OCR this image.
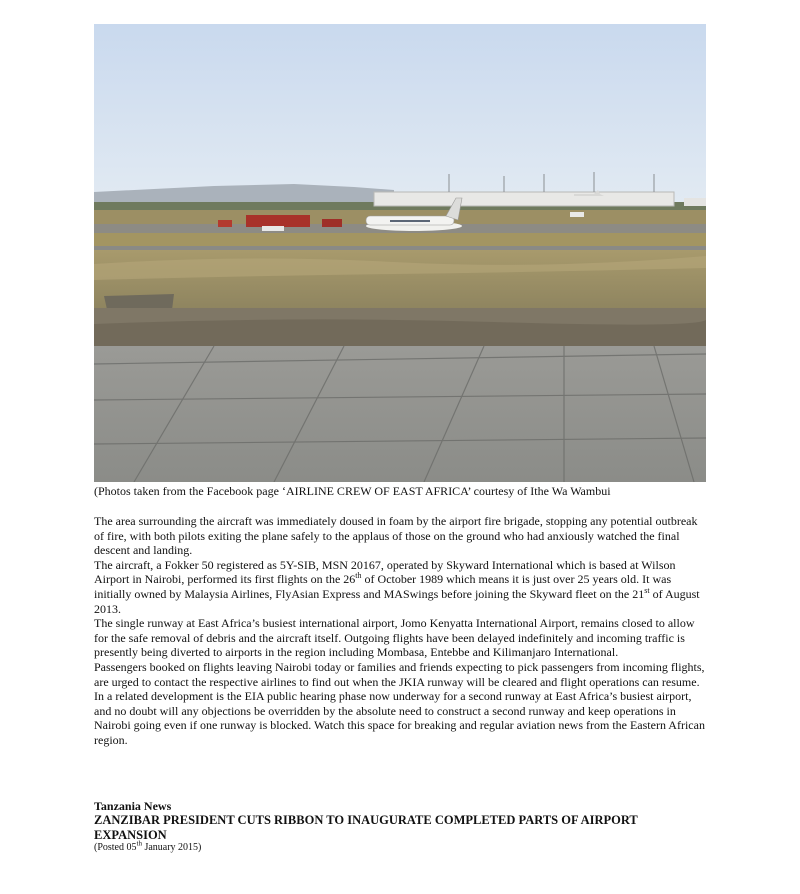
(Photos taken from the Facebook page ‘AIRLINE CREW OF EAST AFRICA’ courtesy of Ithe Wa Wambui

The area surrounding the aircraft was immediately doused in foam by the airport fire brigade, stopping any potential outbreak of fire, with both pilots exiting the plane safely to the applaus of those on the ground who had anxiously watched the final descent and landing.

The aircraft, a Fokker 50 registered as 5Y-SIB, MSN 20167, operated by Skyward International which is based at Wilson Airport in Nairobi, performed its first flights on the 26th of October 1989 which means it is just over 25 years old. It was initially owned by Malaysia Airlines, FlyAsian Express and MASwings before joining the Skyward fleet on the 21st of August 2013.

The single runway at East Africa’s busiest international airport, Jomo Kenyatta International Airport, remains closed to allow for the safe removal of debris and the aircraft itself. Outgoing flights have been delayed indefinitely and incoming traffic is presently being diverted to airports in the region including Mombasa, Entebbe and Kilimanjaro International.

Passengers booked on flights leaving Nairobi today or families and friends expecting to pick passengers from incoming flights, are urged to contact the respective airlines to find out when the JKIA runway will be cleared and flight operations can resume.

In a related development is the EIA public hearing phase now underway for a second runway at East Africa’s busiest airport, and no doubt will any objections be overridden by the absolute need to construct a second runway and keep operations in Nairobi going even if one runway is blocked. Watch this space for breaking and regular aviation news from the Eastern African region.

Tanzania News
ZANZIBAR PRESIDENT CUTS RIBBON TO INAUGURATE COMPLETED PARTS OF AIRPORT EXPANSION
(Posted 05th January 2015)
